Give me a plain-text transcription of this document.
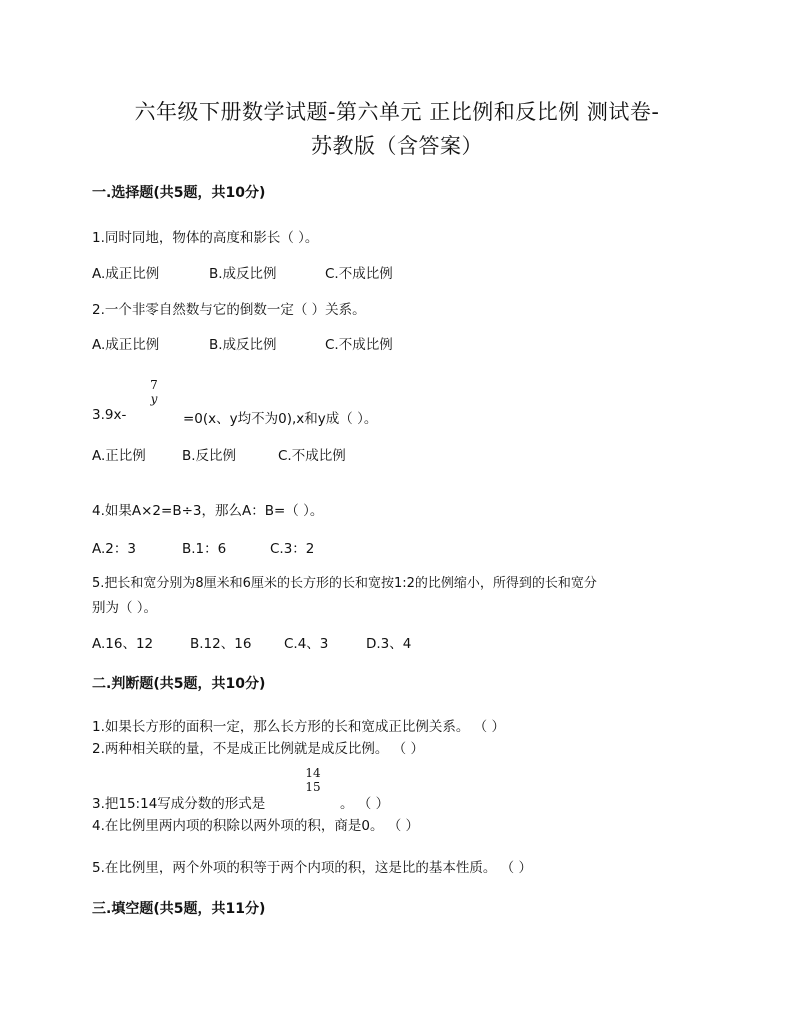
六年级下册数学试题-第六单元 正比例和反比例 测试卷-
苏教版（含答案）
一.选择题(共5题，共10分)
1.同时同地，物体的高度和影长（ ）。
A.成正比例	B.成反比例	C.不成比例
2.一个非零自然数与它的倒数一定（ ）关系。
A.成正比例	B.成反比例	C.不成比例
3.9x-
7
y
=0(x、y均不为0),x和y成（ ）。
A.正比例	B.反比例	C.不成比例
4.如果A×2=B÷3，那么A：B=（ ）。
A.2：3	B.1：6	C.3：2
5.把长和宽分别为8厘米和6厘米的长方形的长和宽按1:2的比例缩小，所得到的长和宽分
别为（ ）。
A.16、12	B.12、16 C.4、3	D.3、4
二.判断题(共5题，共10分)
1.如果长方形的面积一定，那么长方形的长和宽成正比例关系。 （ ）
2.两种相关联的量，不是成正比例就是成反比例。 （ ）
3.把15:14写成分数的形式是
14
15
。 （ ）
4.在比例里两内项的积除以两外项的积，商是0。 （ ）
5.在比例里，两个外项的积等于两个内项的积，这是比的基本性质。 （ ）
三.填空题(共5题，共11分)
